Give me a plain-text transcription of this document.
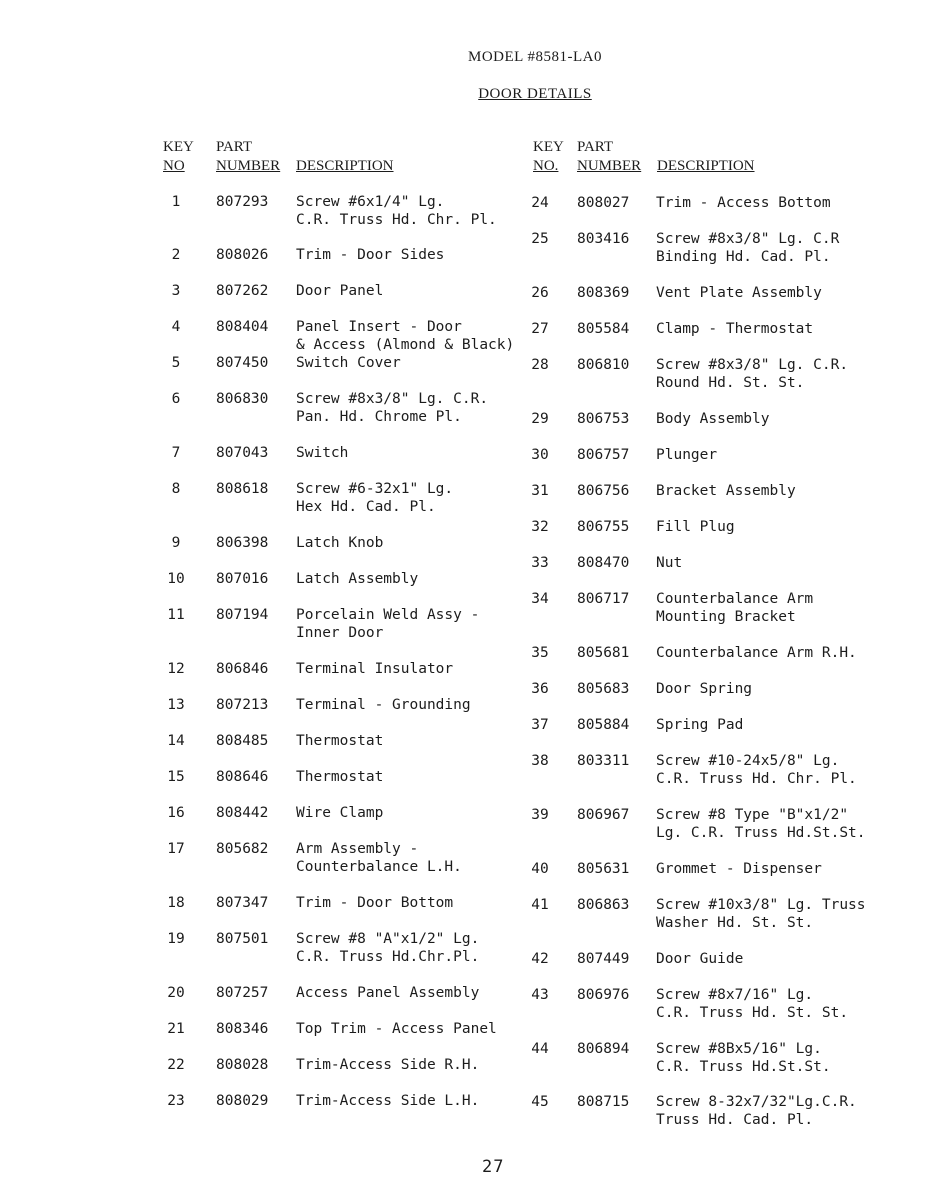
MODEL #8581-LA0
DOOR DETAILS
KEY
NO
PART
NUMBER DESCRIPTION
KEY
NO.
PART
NUMBER DESCRIPTION
1	807293 Screw #6x1/4" Lg.
C.R. Truss Hd. Chr. Pl.
2	808026 Trim - Door Sides
3	807262 Door Panel
4	808404 Panel Insert - Door
& Access (Almond & Black)
5	807450 Switch Cover
6	806830 Screw #8x3/8" Lg. C.R.
Pan. Hd. Chrome Pl.
7	807043 Switch
8	808618 Screw #6-32x1" Lg.
Hex Hd. Cad. Pl.
9	806398 Latch Knob
10	807016 Latch Assembly
11	807194 Porcelain Weld Assy -
Inner Door
12	806846 Terminal Insulator
13	807213 Terminal - Grounding
14	808485 Thermostat
15	808646 Thermostat
16	808442 Wire Clamp
17	805682 Arm Assembly -
Counterbalance L.H.
18	807347 Trim - Door Bottom
19	807501 Screw #8 "A"x1/2" Lg.
C.R. Truss Hd.Chr.Pl.
20	807257 Access Panel Assembly
21	808346 Top Trim - Access Panel
22	808028 Trim-Access Side R.H.
23	808029 Trim-Access Side L.H.
24	808027 Trim - Access Bottom
25	803416 Screw #8x3/8" Lg. C.R
Binding Hd. Cad. Pl.
26	808369 Vent Plate Assembly
27	805584 Clamp - Thermostat
28	806810 Screw #8x3/8" Lg. C.R.
Round Hd. St. St.
29	806753 Body Assembly
30	806757 Plunger
31	806756 Bracket Assembly
32	806755 Fill Plug
33	808470 Nut
34	806717 Counterbalance Arm
Mounting Bracket
35	805681 Counterbalance Arm R.H.
36	805683 Door Spring
37	805884 Spring Pad
38	803311 Screw #10-24x5/8" Lg.
C.R. Truss Hd. Chr. Pl.
39	806967 Screw #8 Type "B"x1/2"
Lg. C.R. Truss Hd.St.St.
40	805631 Grommet - Dispenser
41	806863 Screw #10x3/8" Lg. Truss
Washer Hd. St. St.
42	807449 Door Guide
43	806976 Screw #8x7/16" Lg.
C.R. Truss Hd. St. St.
44	806894 Screw #8Bx5/16" Lg.
C.R. Truss Hd.St.St.
45	808715 Screw 8-32x7/32"Lg.C.R.
Truss Hd. Cad. Pl.
27
